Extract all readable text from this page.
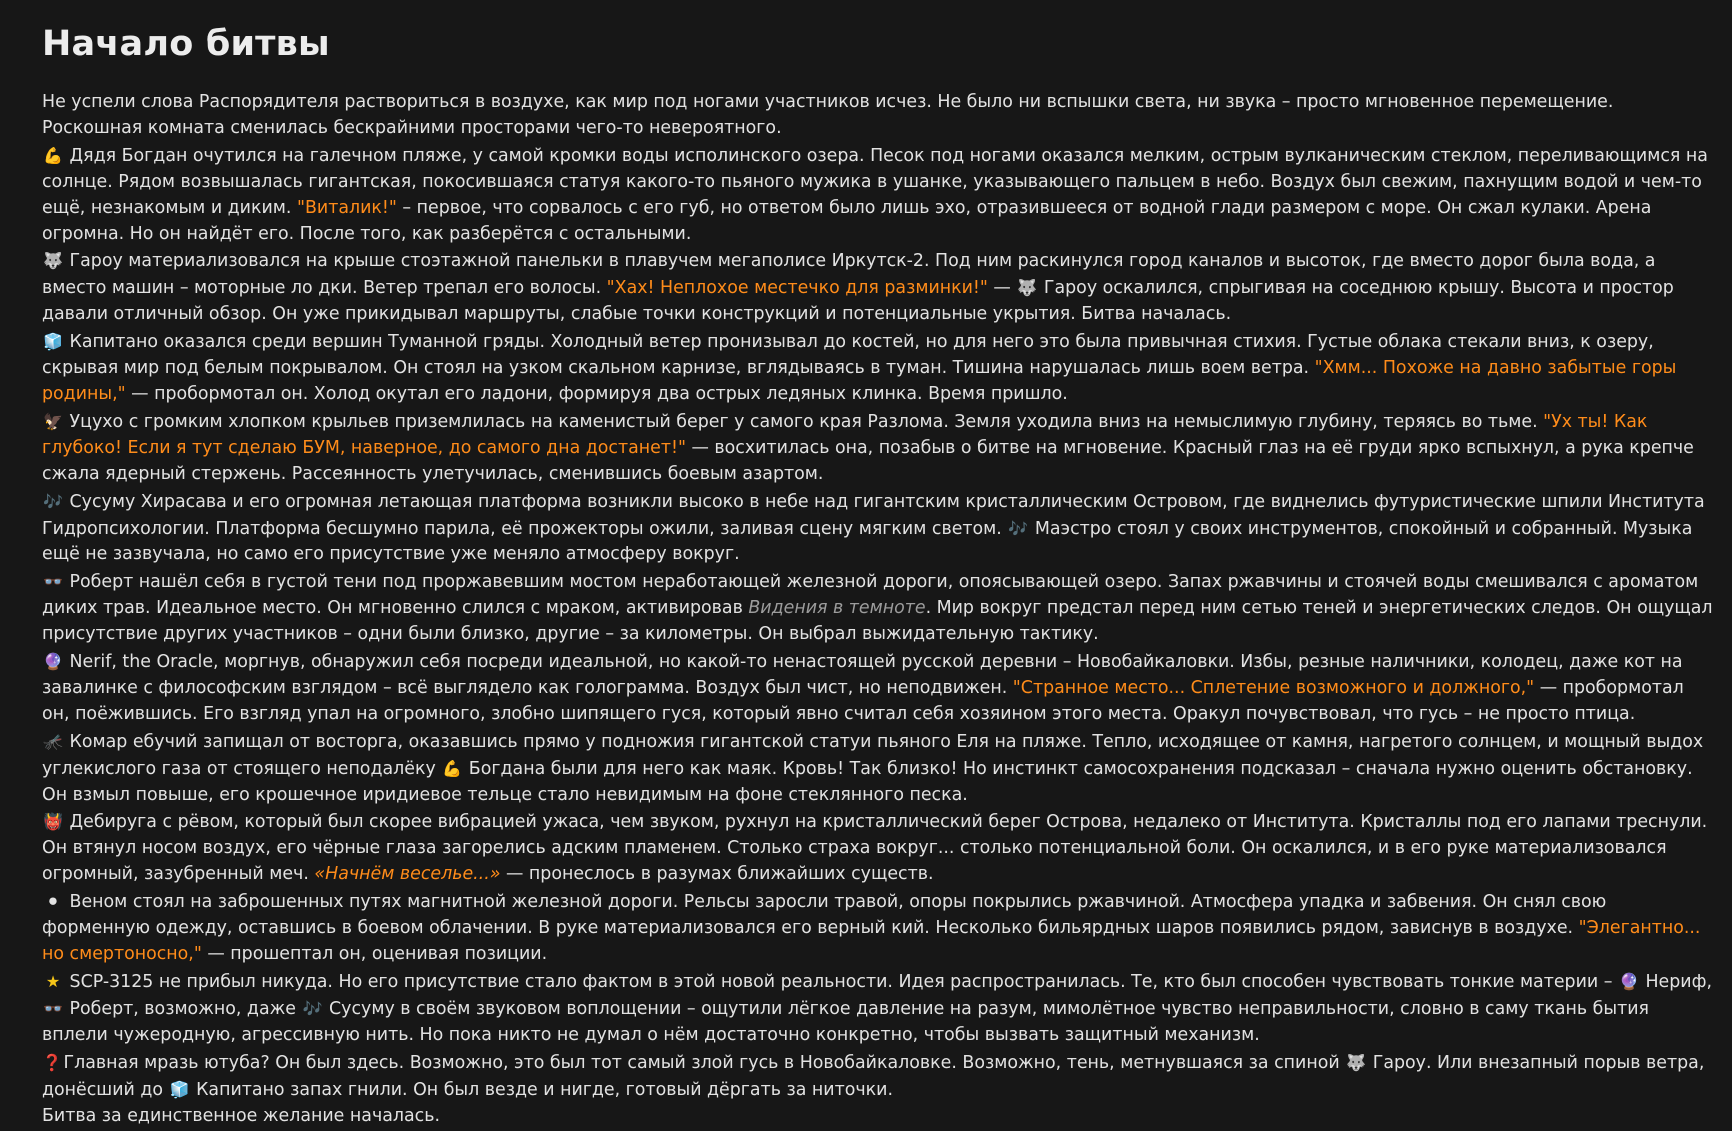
Начало битвы

Не успели слова Распорядителя раствориться в воздухе, как мир под ногами участников исчез. Не было ни вспышки света, ни звука – просто мгновенное перемещение. Роскошная комната сменилась бескрайними просторами чего-то невероятного.

💪 Дядя Богдан очутился на галечном пляже, у самой кромки воды исполинского озера. Песок под ногами оказался мелким, острым вулканическим стеклом, переливающимся на солнце. Рядом возвышалась гигантская, покосившаяся статуя какого-то пьяного мужика в ушанке, указывающего пальцем в небо. Воздух был свежим, пахнущим водой и чем-то ещё, незнакомым и диким. "Виталик!" – первое, что сорвалось с его губ, но ответом было лишь эхо, отразившееся от водной глади размером с море. Он сжал кулаки. Арена огромна. Но он найдёт его. После того, как разберётся с остальными.

🐺 Гароу материализовался на крыше стоэтажной панельки в плавучем мегаполисе Иркутск-2. Под ним раскинулся город каналов и высоток, где вместо дорог была вода, а вместо машин – моторные ло дки. Ветер трепал его волосы. "Хах! Неплохое местечко для разминки!" — 🐺 Гароу оскалился, спрыгивая на соседнюю крышу. Высота и простор давали отличный обзор. Он уже прикидывал маршруты, слабые точки конструкций и потенциальные укрытия. Битва началась.

🧊 Капитано оказался среди вершин Туманной гряды. Холодный ветер пронизывал до костей, но для него это была привычная стихия. Густые облака стекали вниз, к озеру, скрывая мир под белым покрывалом. Он стоял на узком скальном карнизе, вглядываясь в туман. Тишина нарушалась лишь воем ветра. "Хмм... Похоже на давно забытые горы родины," — пробормотал он. Холод окутал его ладони, формируя два острых ледяных клинка. Время пришло.

🦅 Уцухо с громким хлопком крыльев приземлилась на каменистый берег у самого края Разлома. Земля уходила вниз на немыслимую глубину, теряясь во тьме. "Ух ты! Как глубоко! Если я тут сделаю БУМ, наверное, до самого дна достанет!" — восхитилась она, позабыв о битве на мгновение. Красный глаз на её груди ярко вспыхнул, а рука крепче сжала ядерный стержень. Рассеянность улетучилась, сменившись боевым азартом.

🎶 Сусуму Хирасава и его огромная летающая платформа возникли высоко в небе над гигантским кристаллическим Островом, где виднелись футуристические шпили Института Гидропсихологии. Платформа бесшумно парила, её прожекторы ожили, заливая сцену мягким светом. 🎶 Маэстро стоял у своих инструментов, спокойный и собранный. Музыка ещё не зазвучала, но само его присутствие уже меняло атмосферу вокруг.

👓 Роберт нашёл себя в густой тени под проржавевшим мостом неработающей железной дороги, опоясывающей озеро. Запах ржавчины и стоячей воды смешивался с ароматом диких трав. Идеальное место. Он мгновенно слился с мраком, активировав Видения в темноте. Мир вокруг предстал перед ним сетью теней и энергетических следов. Он ощущал присутствие других участников – одни были близко, другие – за километры. Он выбрал выжидательную тактику.

🔮 Nerif, the Oracle, моргнув, обнаружил себя посреди идеальной, но какой-то ненастоящей русской деревни – Новобайкаловки. Избы, резные наличники, колодец, даже кот на завалинке с философским взглядом – всё выглядело как голограмма. Воздух был чист, но неподвижен. "Странное место... Сплетение возможного и должного," — пробормотал он, поёжившись. Его взгляд упал на огромного, злобно шипящего гуся, который явно считал себя хозяином этого места. Оракул почувствовал, что гусь – не просто птица.

🦟 Комар ебучий запищал от восторга, оказавшись прямо у подножия гигантской статуи пьяного Еля на пляже. Тепло, исходящее от камня, нагретого солнцем, и мощный выдох углекислого газа от стоящего неподалёку 💪 Богдана были для него как маяк. Кровь! Так близко! Но инстинкт самосохранения подсказал – сначала нужно оценить обстановку. Он взмыл повыше, его крошечное иридиевое тельце стало невидимым на фоне стеклянного песка.

👹 Дебируга с рёвом, который был скорее вибрацией ужаса, чем звуком, рухнул на кристаллический берег Острова, недалеко от Института. Кристаллы под его лапами треснули. Он втянул носом воздух, его чёрные глаза загорелись адским пламенем. Столько страха вокруг... столько потенциальной боли. Он оскалился, и в его руке материализовался огромный, зазубренный меч. «Начнём веселье...» — пронеслось в разумах ближайших существ.

⚫ Веном стоял на заброшенных путях магнитной железной дороги. Рельсы заросли травой, опоры покрылись ржавчиной. Атмосфера упадка и забвения. Он снял свою форменную одежду, оставшись в боевом облачении. В руке материализовался его верный кий. Несколько бильярдных шаров появились рядом, зависнув в воздухе. "Элегантно... но смертоносно," — прошептал он, оценивая позиции.

★ SCP-3125 не прибыл никуда. Но его присутствие стало фактом в этой новой реальности. Идея распространилась. Те, кто был способен чувствовать тонкие материи – 🔮 Нериф, 👓 Роберт, возможно, даже 🎶 Сусуму в своём звуковом воплощении – ощутили лёгкое давление на разум, мимолётное чувство неправильности, словно в саму ткань бытия вплели чужеродную, агрессивную нить. Но пока никто не думал о нём достаточно конкретно, чтобы вызвать защитный механизм.

❓ Главная мразь ютуба? Он был здесь. Возможно, это был тот самый злой гусь в Новобайкаловке. Возможно, тень, метнувшаяся за спиной 🐺 Гароу. Или внезапный порыв ветра, донёсший до 🧊 Капитано запах гнили. Он был везде и нигде, готовый дёргать за ниточки.

Битва за единственное желание началась.
